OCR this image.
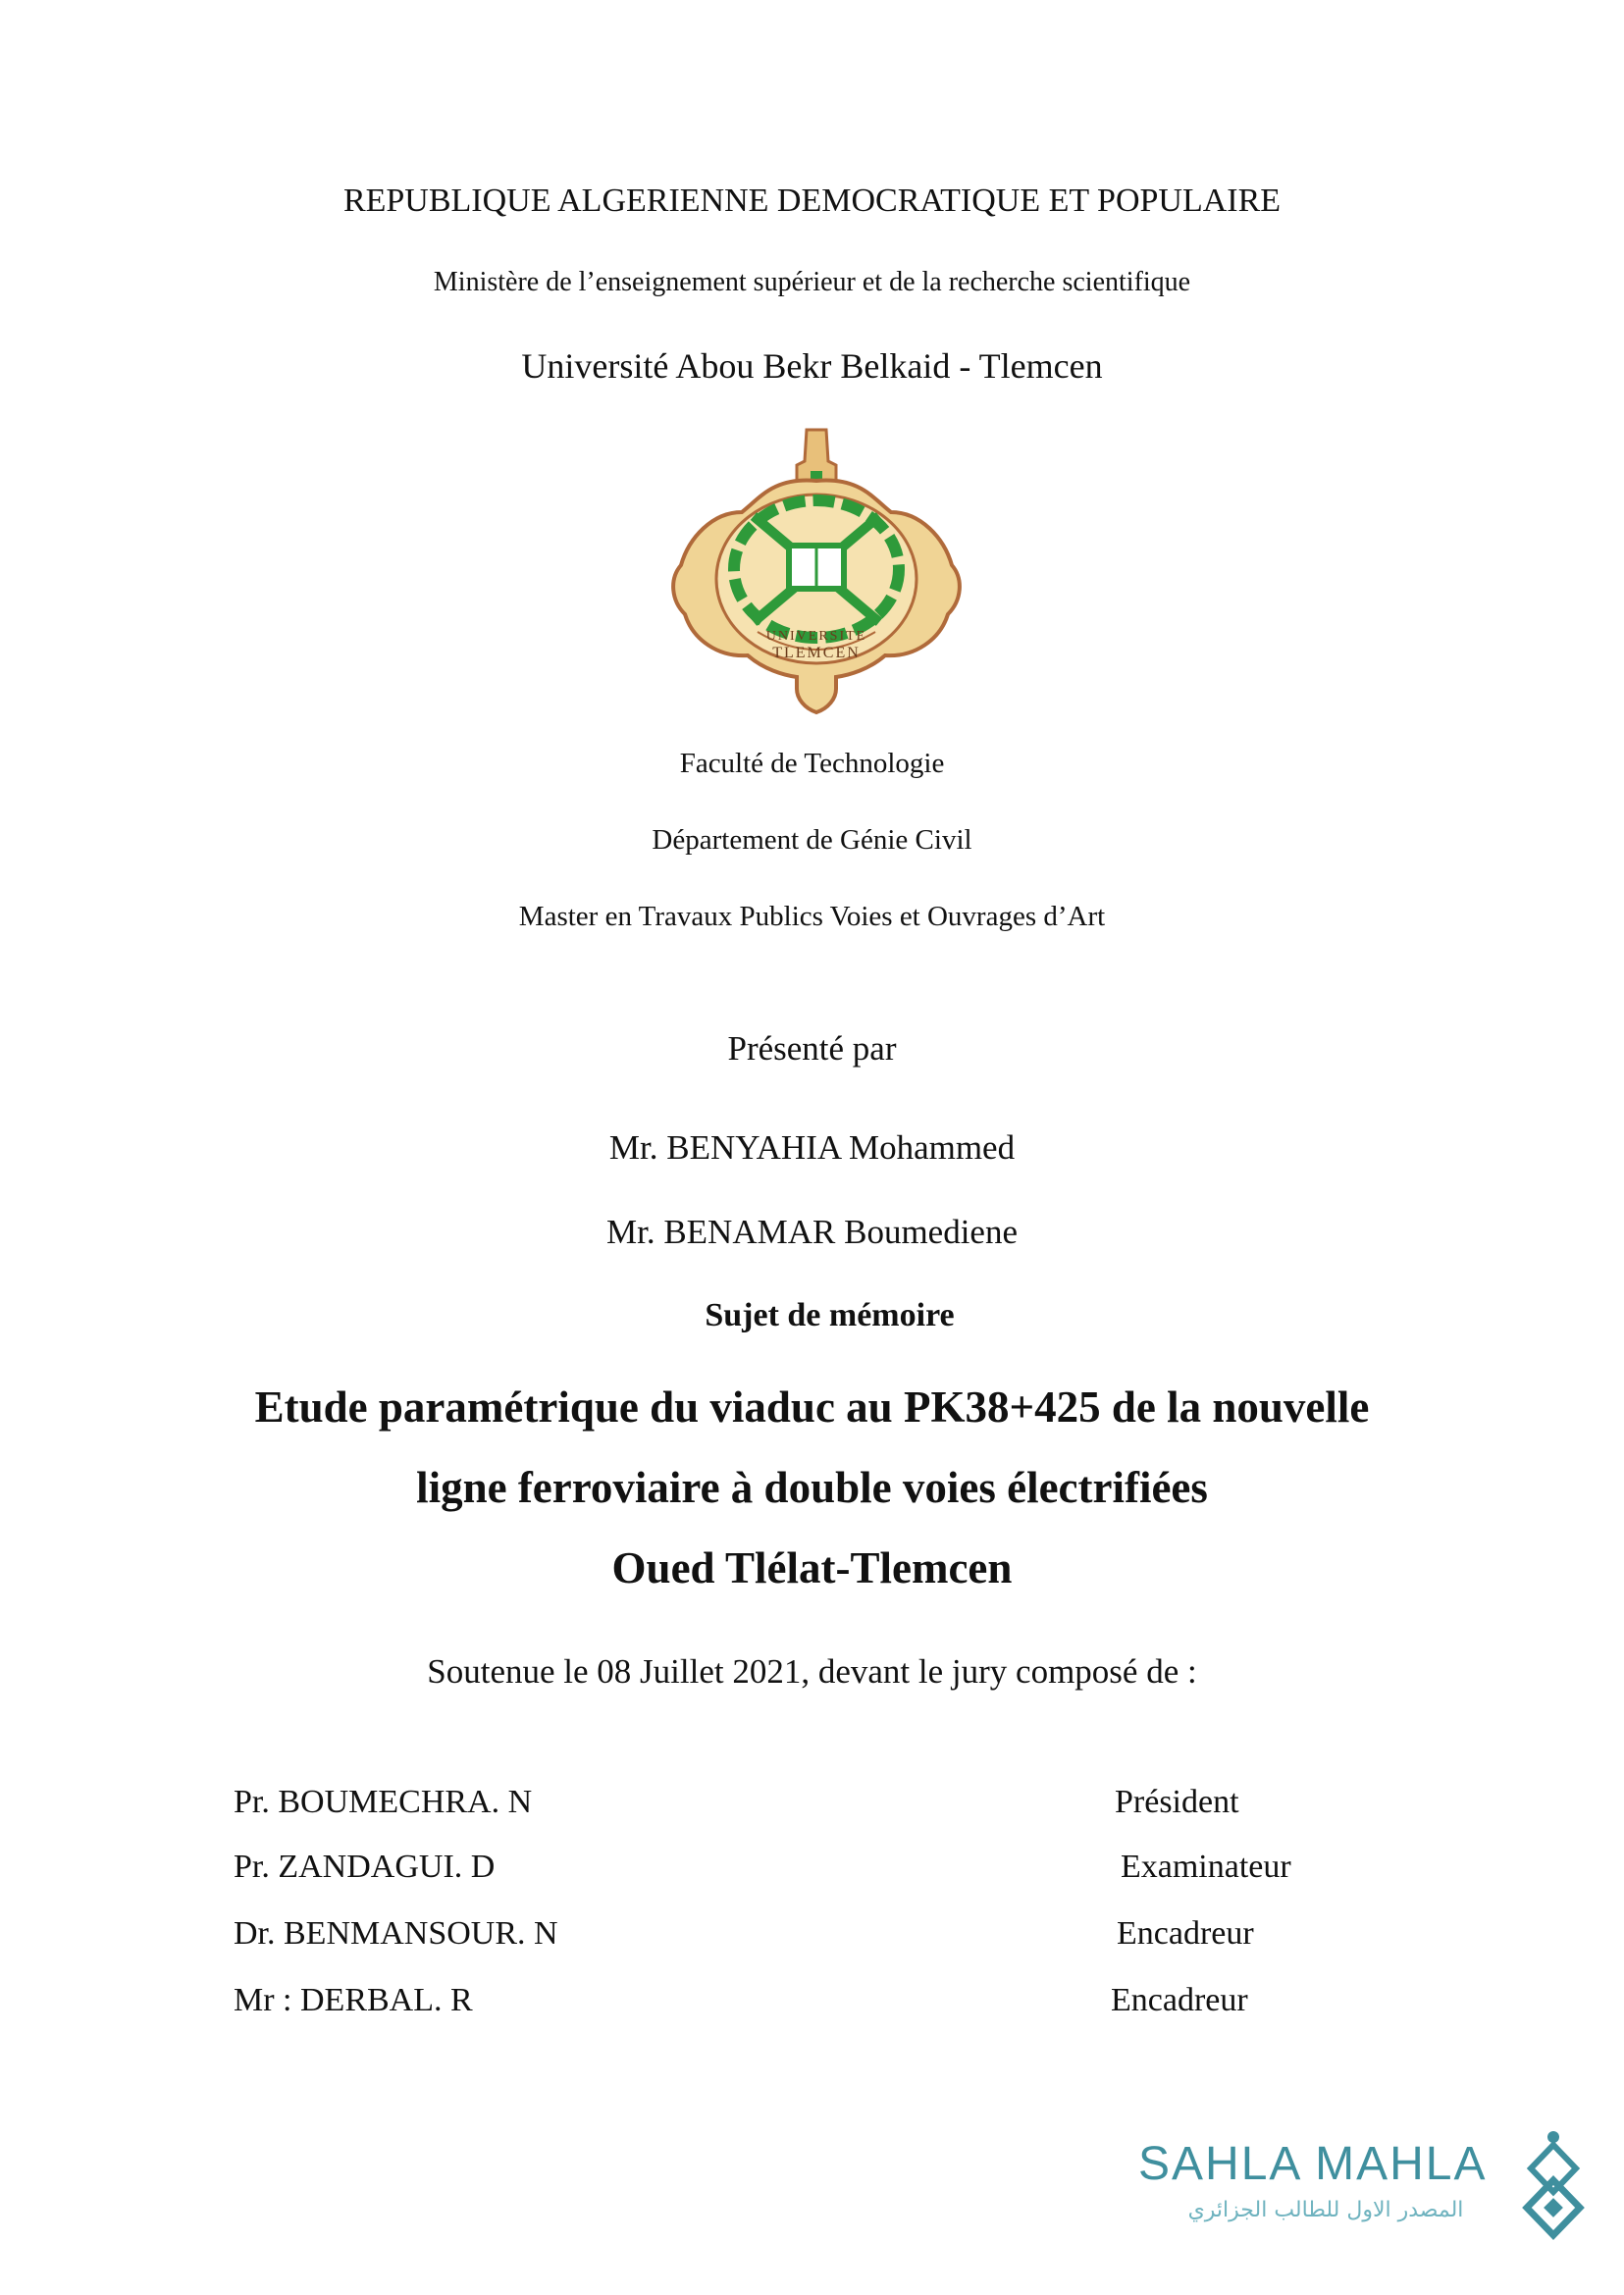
REPUBLIQUE ALGERIENNE DEMOCRATIQUE ET POPULAIRE
Ministère de l’enseignement supérieur et de la recherche scientifique
Université Abou Bekr Belkaid - Tlemcen
UNIVERSITE
TLEMCEN
Faculté de Technologie
Département de Génie Civil
Master en Travaux Publics Voies et Ouvrages d’Art
Présenté par
Mr. BENYAHIA Mohammed
Mr. BENAMAR Boumediene
Sujet de mémoire
Etude paramétrique du viaduc au PK38+425 de la nouvelle
ligne ferroviaire à double voies électrifiées
Oued Tlélat-Tlemcen
Soutenue le 08 Juillet 2021, devant le jury composé de :
Pr. BOUMECHRA. N	Président
Pr. ZANDAGUI. D	Examinateur
Dr. BENMANSOUR. N	Encadreur
Mr : DERBAL. R	Encadreur
SAHLA MAHLA
المصدر الاول للطالب الجزائري
